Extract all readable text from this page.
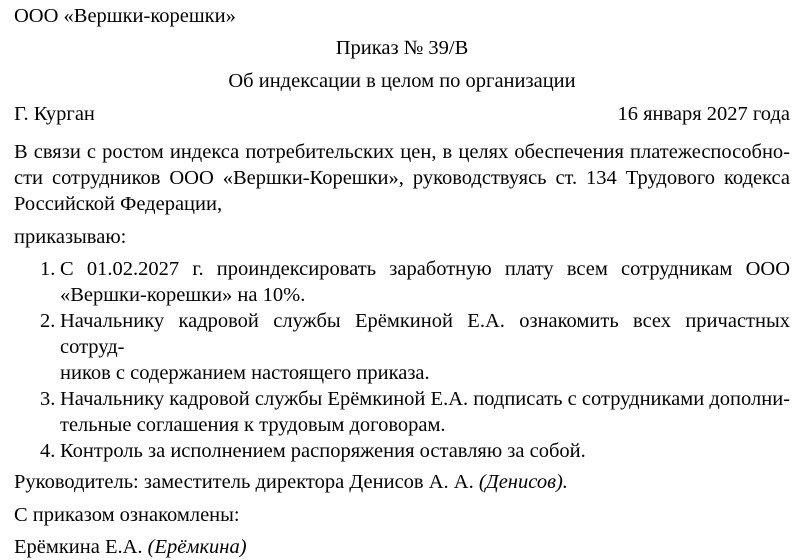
ООО «Вершки-корешки»
Приказ № 39/В
Об индексации в целом по организации
Г. Курган	16 января 2027 года
В связи с ростом индекса потребительских цен, в целях обеспечения платежеспособно-
сти сотрудников ООО «Вершки-Корешки», руководствуясь ст. 134 Трудового кодекса
Российской Федерации,
приказываю:
1. С 01.02.2027 г. проиндексировать заработную плату всем сотрудникам ООО
«Вершки-корешки» на 10%.
2. Начальнику кадровой службы Ерёмкиной Е.А. ознакомить всех причастных сотруд-
ников с содержанием настоящего приказа.
3. Начальнику кадровой службы Ерёмкиной Е.А. подписать с сотрудниками дополни-
тельные соглашения к трудовым договорам.
4. Контроль за исполнением распоряжения оставляю за собой.
Руководитель: заместитель директора Денисов А. А. (Денисов).
С приказом ознакомлены:
Ерёмкина Е.А. (Ерёмкина)
